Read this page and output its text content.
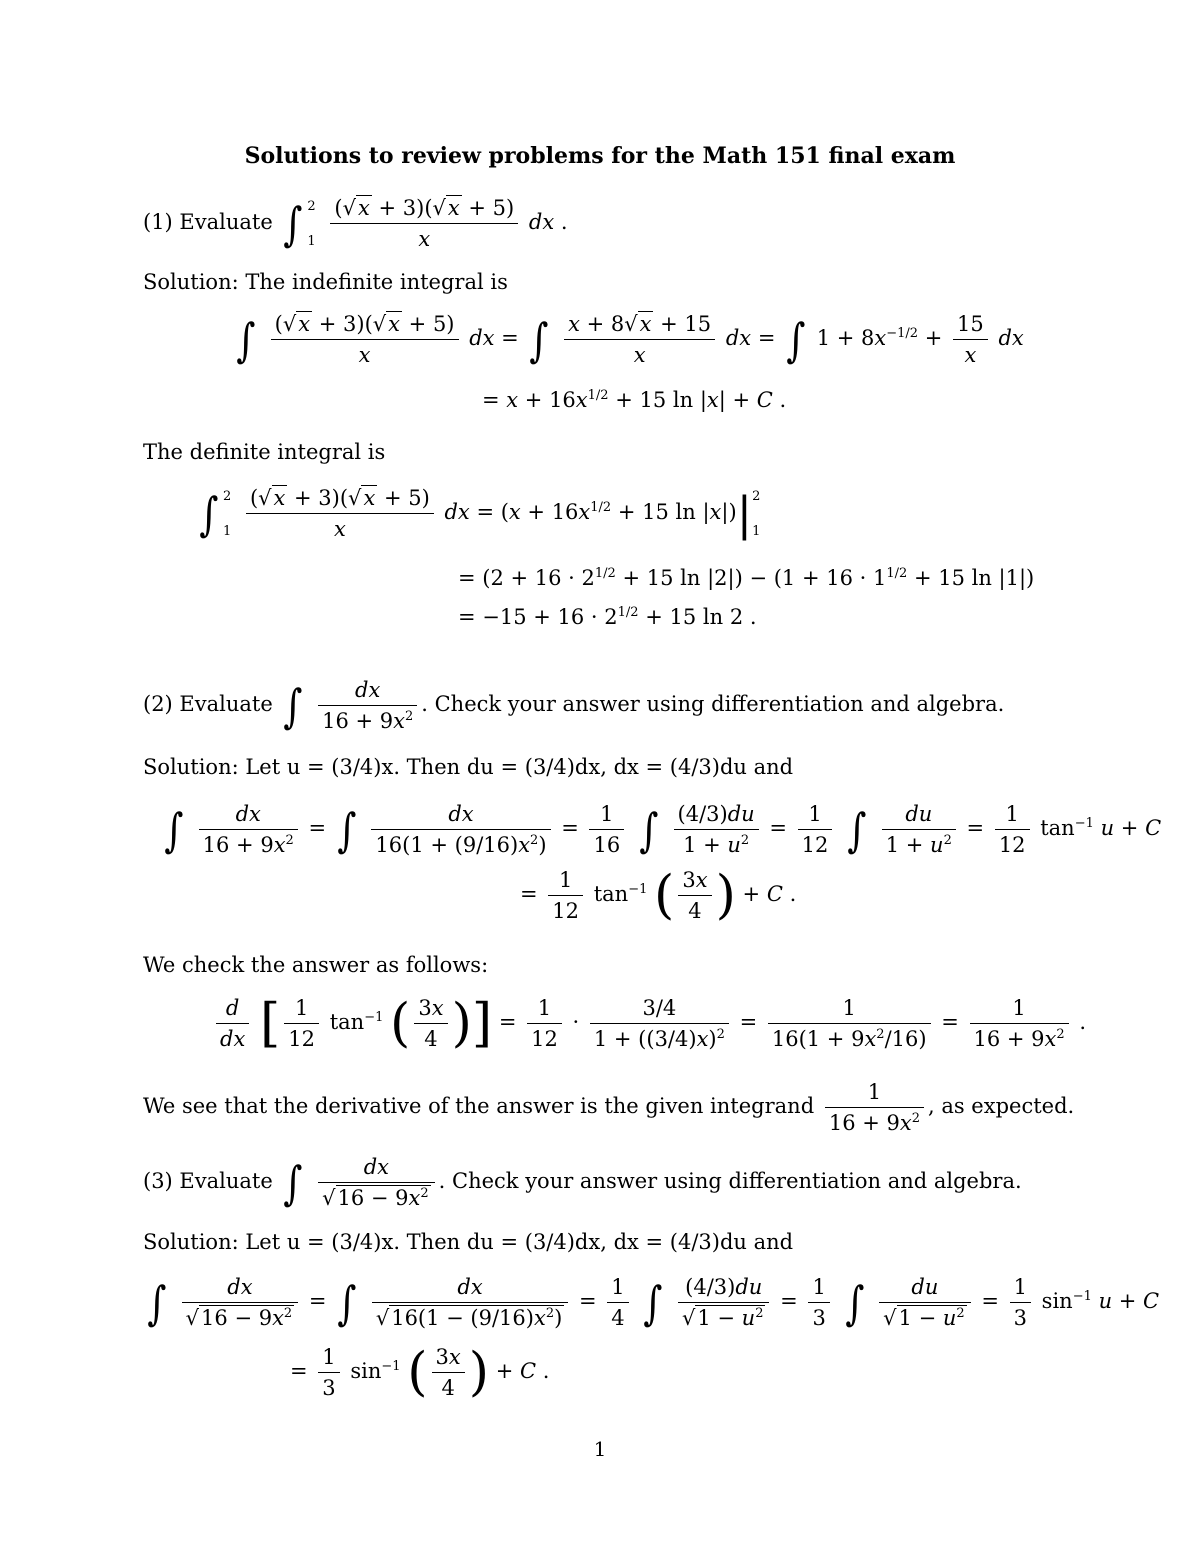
Solutions to review problems for the Math 151 final exam
(1) Evaluate ∫ 2
1
$\frac{(√x + 3)(√x + 5)}{x}$ dx .
Solution: The indefinite integral is
∫ $\frac{(√x + 3)(√x + 5)}{x}$ dx = ∫ $\frac{x + 8√x + 15}{x}$ dx = ∫ $1 + 8x^{-1/2} + \frac{15}{x}$ dx
= $x + 16x^{1/2} + 15$ ln |x| + C .
The definite integral is
∫ 2
1
$\frac{(√x + 3)(√x + 5)}{x}$ dx = ($x + 16x^{1/2} + 15$ ln |x|)| 2
1
= ($2 + 16 \cdot 2^{1/2} + 15$ $\ln |2|) - (1 + 16 \cdot 1^{1/2} + 15$ ln |1|)
= $-15 + 16 \cdot 2^{1/2} + 15$ ln 2 .
(2) Evaluate ∫ $\frac{dx}{16 + 9x^2}$ . Check your answer using differentiation and algebra.
Solution: Let u = (3/4)x. Then du = (3/4)dx, dx = (4/3)du and
∫ $\frac{dx}{16 + 9x^2}$ = ∫ $\frac{dx}{16(1 + (9/16)x^2)} = \frac{1}{16}$ ∫ $\frac{(4/3)du}{1 + u^2} = \frac{1}{12}$ ∫ $\frac{du}{1 + u^2} = \frac{1}{12} \tan^{-1} u + C$
= $\frac{1}{12} \tan^{-1}$ ( $\frac{3x}{4}$ ) + C .
We check the answer as follows:
$\frac{d}{dx}$ [ $\frac{1}{12} \tan^{-1}$ ( $\frac{3x}{4}$ )] = $\frac{1}{12} \cdot \frac{3/4}{1 + ((3/4)x)^2} = \frac{1}{16(1 + 9x^2/16)} = \frac{1}{16 + 9x^2}$ .
We see that the derivative of the answer is the given integrand $\frac{1}{16 + 9x^2}$ , as expected.
(3) Evaluate ∫ $\frac{dx}{√16 - 9x^2}$ . Check your answer using differentiation and algebra.
Solution: Let u = (3/4)x. Then du = (3/4)dx, dx = (4/3)du and
∫ $\frac{dx}{√16 - 9x^2}$ = ∫ $\frac{dx}{√16(1 - (9/16)x^2)} = \frac{1}{4}$ ∫ $\frac{(4/3)du}{√1 - u^2} = \frac{1}{3}$ ∫ $\frac{du}{√1 - u^2} = \frac{1}{3} \sin^{-1} u + C$
= $\frac{1}{3} \sin^{-1}$ ( $\frac{3x}{4}$ ) + C .
1
